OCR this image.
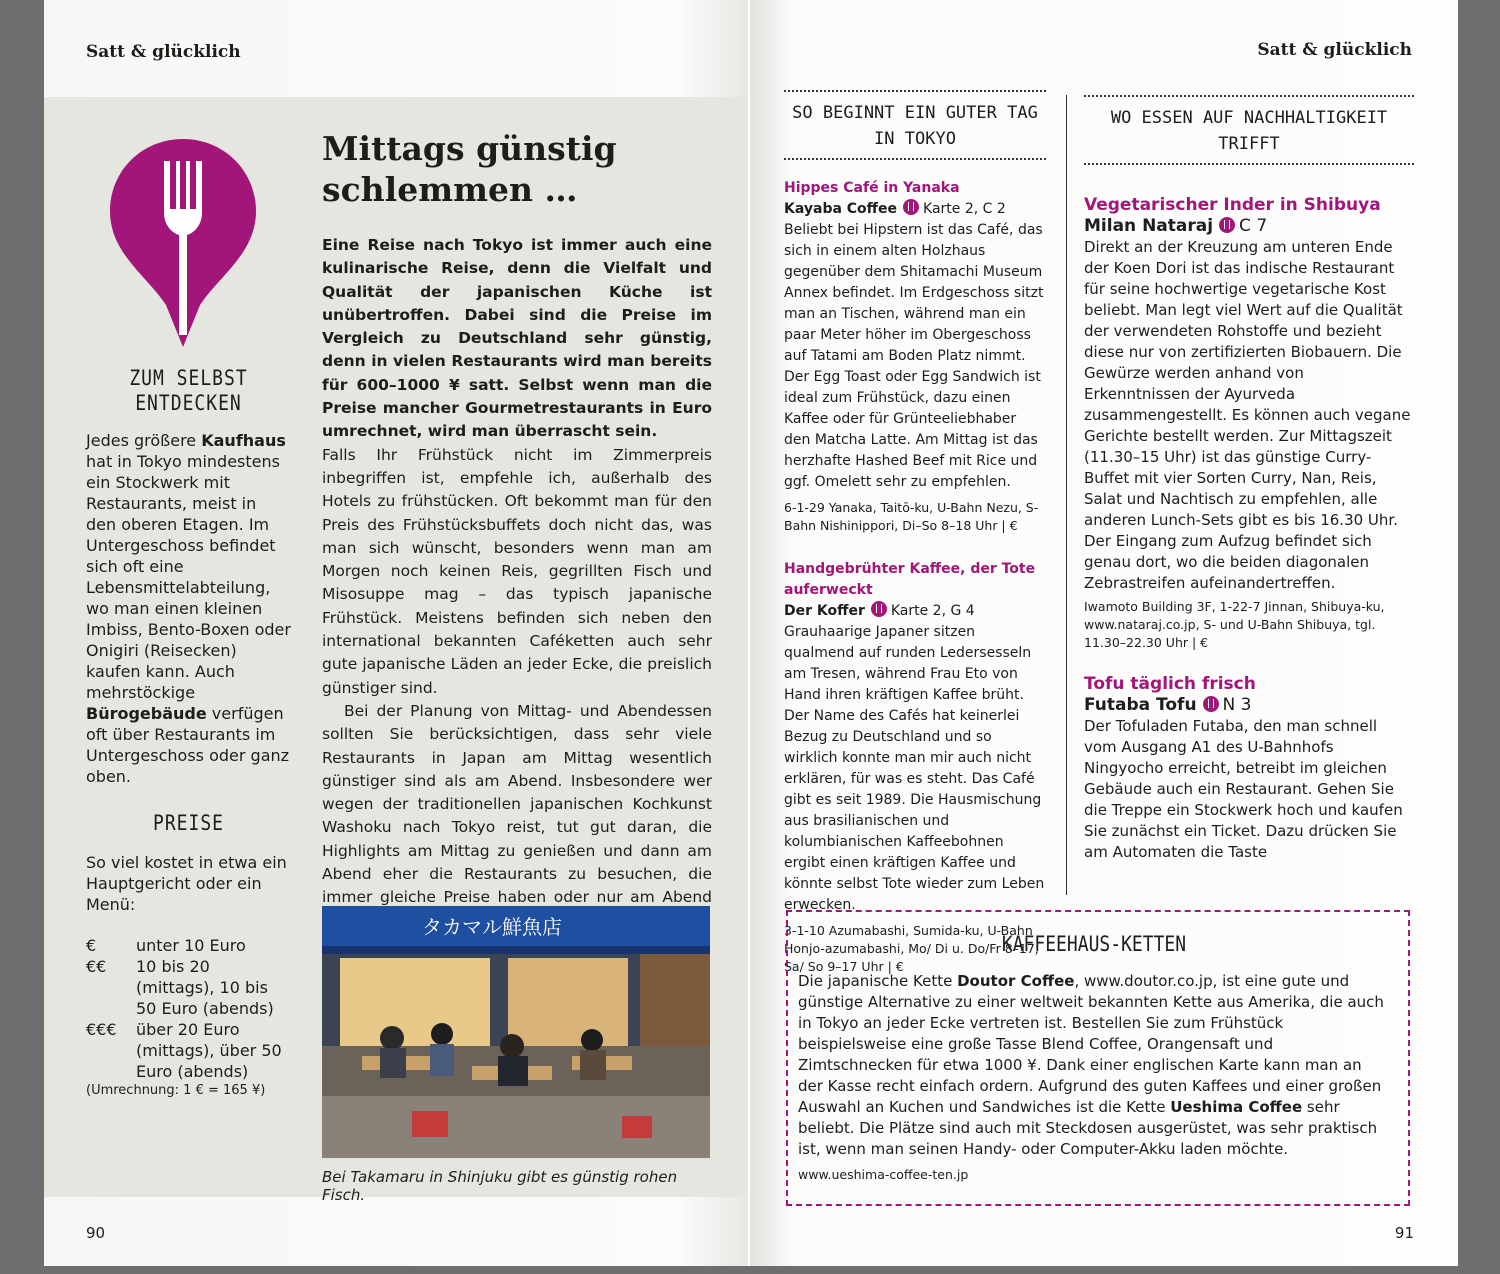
Satt & glücklich

ZUM SELBST ENTDECKEN

Jedes größere Kaufhaus hat in Tokyo mindestens ein Stockwerk mit Restaurants, meist in den oberen Etagen. Im Untergeschoss befindet sich oft eine Lebensmittelabteilung, wo man einen kleinen Imbiss, Bento-Boxen oder Onigiri (Reisecken) kaufen kann. Auch mehrstöckige Bürogebäude verfügen oft über Restaurants im Untergeschoss oder ganz oben.

PREISE

So viel kostet in etwa ein Hauptgericht oder ein Menü:
€	unter 10 Euro
€€	10 bis 20 (mittags), 10 bis 50 Euro (abends)
€€€	über 20 Euro (mittags), über 50 Euro (abends)
(Umrechnung: 1 € = 165 ¥)
Mittags günstig schlemmen …

Eine Reise nach Tokyo ist immer auch eine kulinarische Reise, denn die Vielfalt und Qualität der japanischen Küche ist unübertroffen. Dabei sind die Preise im Vergleich zu Deutschland sehr günstig, denn in vielen Restaurants wird man bereits für 600–1000 ¥ satt. Selbst wenn man die Preise mancher Gourmetrestaurants in Euro umrechnet, wird man überrascht sein.

Falls Ihr Frühstück nicht im Zimmerpreis inbegriffen ist, empfehle ich, außerhalb des Hotels zu frühstücken. Oft bekommt man für den Preis des Frühstücksbuffets doch nicht das, was man sich wünscht, besonders wenn man am Morgen noch keinen Reis, gegrillten Fisch und Misosuppe mag – das typisch japanische Frühstück. Meistens befinden sich neben den international bekannten Caféketten auch sehr gute japanische Läden an jeder Ecke, die preislich günstiger sind.

Bei der Planung von Mittag- und Abendessen sollten Sie berücksichtigen, dass sehr viele Restaurants in Japan am Mittag wesentlich günstiger sind als am Abend. Insbesondere wer wegen der traditionellen japanischen Kochkunst Washoku nach Tokyo reist, tut gut daran, die Highlights am Mittag zu genießen und dann am Abend eher die Restaurants zu besuchen, die immer gleiche Preise haben oder nur am Abend

タカマル鮮魚店
Bei Takamaru in Shinjuku gibt es günstig rohen Fisch.
90
Satt & glücklich
SO BEGINNT EIN GUTER TAG IN TOKYO

Hippes Café in Yanaka

Kayaba Coffee Karte 2, C 2
Beliebt bei Hipstern ist das Café, das sich in einem alten Holzhaus gegenüber dem Shitamachi Museum Annex befindet. Im Erdgeschoss sitzt man an Tischen, während man ein paar Meter höher im Obergeschoss auf Tatami am Boden Platz nimmt. Der Egg Toast oder Egg Sandwich ist ideal zum Frühstück, dazu einen Kaffee oder für Grünteeliebhaber den Matcha Latte. Am Mittag ist das herzhafte Hashed Beef mit Rice und ggf. Omelett sehr zu empfehlen.
6-1-29 Yanaka, Taitō-ku, U-Bahn Nezu, S-Bahn Nishinippori, Di–So 8–18 Uhr | €

Handgebrühter Kaffee, der Tote auferweckt

Der Koffer Karte 2, G 4
Grauhaarige Japaner sitzen qualmend auf runden Ledersesseln am Tresen, während Frau Eto von Hand ihren kräftigen Kaffee brüht. Der Name des Cafés hat keinerlei Bezug zu Deutschland und so wirklich konnte man mir auch nicht erklären, für was es steht. Das Café gibt es seit 1989. Die Hausmischung aus brasilianischen und kolumbianischen Kaffeebohnen ergibt einen kräftigen Kaffee und könnte selbst Tote wieder zum Leben erwecken.
3-1-10 Azumabashi, Sumida-ku, U-Bahn Honjo-azumabashi, Mo/ Di u. Do/Fr 8–17, Sa/ So 9–17 Uhr | €
WO ESSEN AUF NACHHALTIGKEIT TRIFFT

Vegetarischer Inder in Shibuya

Milan Nataraj C 7
Direkt an der Kreuzung am unteren Ende der Koen Dori ist das indische Restaurant für seine hochwertige vegetarische Kost beliebt. Man legt viel Wert auf die Qualität der verwendeten Rohstoffe und bezieht diese nur von zertifizierten Biobauern. Die Gewürze werden anhand von Erkenntnissen der Ayurveda zusammengestellt. Es können auch vegane Gerichte bestellt werden. Zur Mittagszeit (11.30–15 Uhr) ist das günstige Curry-Buffet mit vier Sorten Curry, Nan, Reis, Salat und Nachtisch zu empfehlen, alle anderen Lunch-Sets gibt es bis 16.30 Uhr. Der Eingang zum Aufzug befindet sich genau dort, wo die beiden diagonalen Zebrastreifen aufeinandertreffen.
Iwamoto Building 3F, 1-22-7 Jinnan, Shibuya-ku, www.nataraj.co.jp, S- und U-Bahn Shibuya, tgl. 11.30–22.30 Uhr | €

Tofu täglich frisch

Futaba Tofu N 3
Der Tofuladen Futaba, den man schnell vom Ausgang A1 des U-Bahnhofs Ningyocho erreicht, betreibt im gleichen Gebäude auch ein Restaurant. Gehen Sie die Treppe ein Stockwerk hoch und kaufen Sie zunächst ein Ticket. Dazu drücken Sie am Automaten die Taste

KAFFEEHAUS-KETTEN

Die japanische Kette Doutor Coffee, www.doutor.co.jp, ist eine gute und günstige Alternative zu einer weltweit bekannten Kette aus Amerika, die auch in Tokyo an jeder Ecke vertreten ist. Bestellen Sie zum Frühstück beispielsweise eine große Tasse Blend Coffee, Orangensaft und Zimtschnecken für etwa 1000 ¥. Dank einer englischen Karte kann man an der Kasse recht einfach ordern. Aufgrund des guten Kaffees und einer großen Auswahl an Kuchen und Sandwiches ist die Kette Ueshima Coffee sehr beliebt. Die Plätze sind auch mit Steckdosen ausgerüstet, was sehr praktisch ist, wenn man seinen Handy- oder Computer-Akku laden möchte.
www.ueshima-coffee-ten.jp
91
